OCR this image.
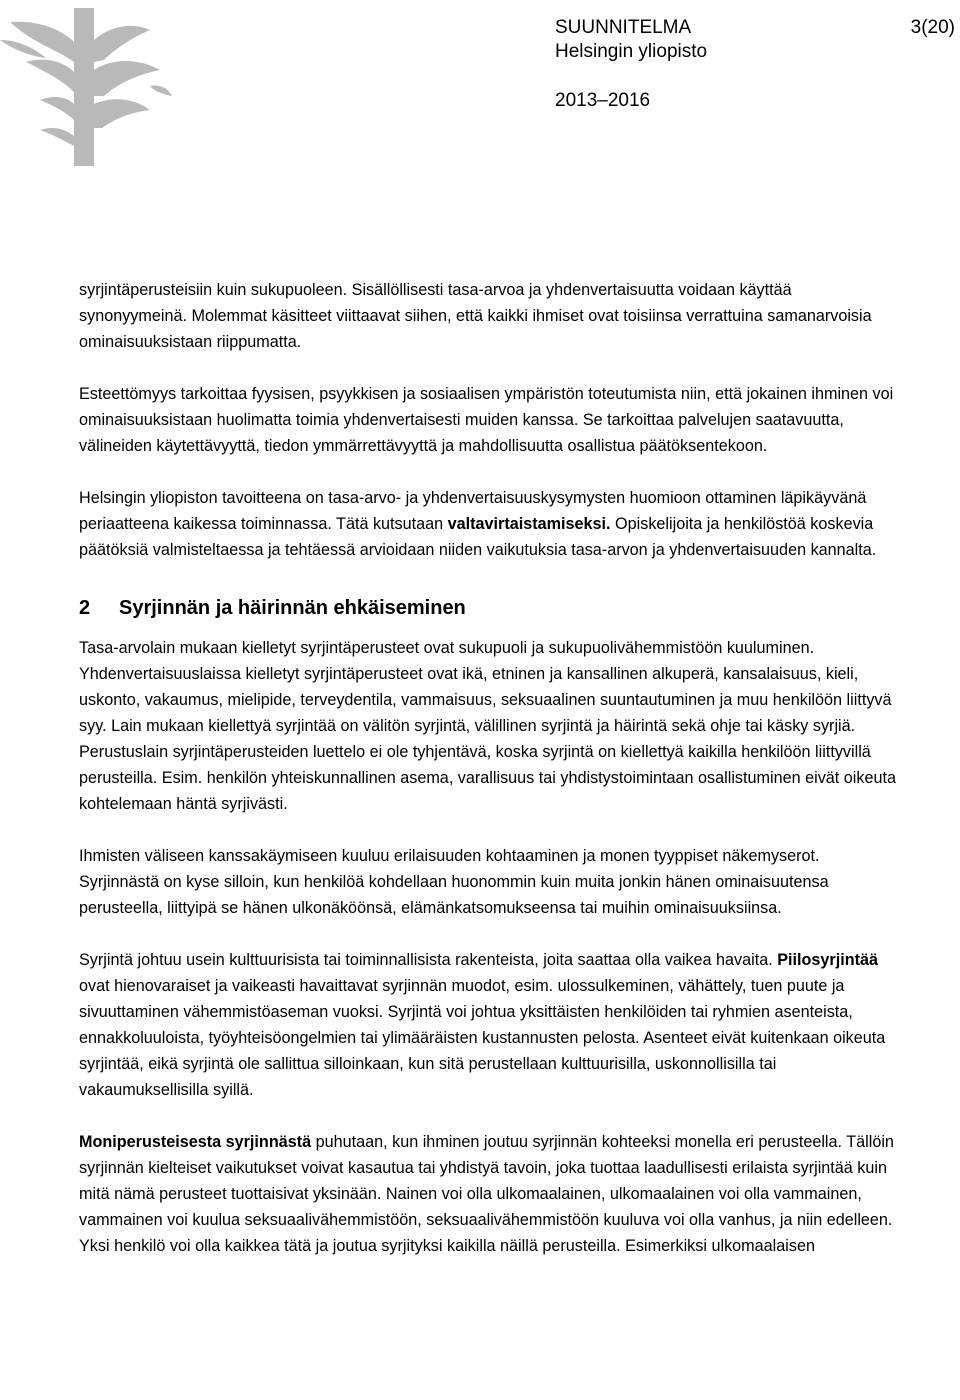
SUUNNITELMA	3(20)
Helsingin yliopisto
2013–2016

syrjintäperusteisiin kuin sukupuoleen. Sisällöllisesti tasa-arvoa ja yhdenvertaisuutta voidaan käyttää synonyymeinä. Molemmat käsitteet viittaavat siihen, että kaikki ihmiset ovat toisiinsa verrattuina samanarvoisia ominaisuuksistaan riippumatta.

Esteettömyys tarkoittaa fyysisen, psyykkisen ja sosiaalisen ympäristön toteutumista niin, että jokainen ihminen voi ominaisuuksistaan huolimatta toimia yhdenvertaisesti muiden kanssa. Se tarkoittaa palvelujen saatavuutta, välineiden käytettävyyttä, tiedon ymmärrettävyyttä ja mahdollisuutta osallistua päätöksentekoon.

Helsingin yliopiston tavoitteena on tasa-arvo- ja yhdenvertaisuuskysymysten huomioon ottaminen läpikäyvänä periaatteena kaikessa toiminnassa. Tätä kutsutaan valtavirtaistamiseksi. Opiskelijoita ja henkilöstöä koskevia päätöksiä valmisteltaessa ja tehtäessä arvioidaan niiden vaikutuksia tasa-arvon ja yhdenvertaisuuden kannalta.

2 Syrjinnän ja häirinnän ehkäiseminen

Tasa-arvolain mukaan kielletyt syrjintäperusteet ovat sukupuoli ja sukupuolivähemmistöön kuuluminen. Yhdenvertaisuuslaissa kielletyt syrjintäperusteet ovat ikä, etninen ja kansallinen alkuperä, kansalaisuus, kieli, uskonto, vakaumus, mielipide, terveydentila, vammaisuus, seksuaalinen suuntautuminen ja muu henkilöön liittyvä syy. Lain mukaan kiellettyä syrjintää on välitön syrjintä, välillinen syrjintä ja häirintä sekä ohje tai käsky syrjiä. Perustuslain syrjintäperusteiden luettelo ei ole tyhjentävä, koska syrjintä on kiellettyä kaikilla henkilöön liittyvillä perusteilla. Esim. henkilön yhteiskunnallinen asema, varallisuus tai yhdistystoimintaan osallistuminen eivät oikeuta kohtelemaan häntä syrjivästi.

Ihmisten väliseen kanssakäymiseen kuuluu erilaisuuden kohtaaminen ja monen tyyppiset näkemyserot. Syrjinnästä on kyse silloin, kun henkilöä kohdellaan huonommin kuin muita jonkin hänen ominaisuutensa perusteella, liittyipä se hänen ulkonäköönsä, elämänkatsomukseensa tai muihin ominaisuuksiinsa.

Syrjintä johtuu usein kulttuurisista tai toiminnallisista rakenteista, joita saattaa olla vaikea havaita. Piilosyrjintää ovat hienovaraiset ja vaikeasti havaittavat syrjinnän muodot, esim. ulossulkeminen, vähättely, tuen puute ja sivuuttaminen vähemmistöaseman vuoksi. Syrjintä voi johtua yksittäisten henkilöiden tai ryhmien asenteista, ennakkoluuloista, työyhteisöongelmien tai ylimääräisten kustannusten pelosta. Asenteet eivät kuitenkaan oikeuta syrjintää, eikä syrjintä ole sallittua silloinkaan, kun sitä perustellaan kulttuurisilla, uskonnollisilla tai vakaumuksellisilla syillä.

Moniperusteisesta syrjinnästä puhutaan, kun ihminen joutuu syrjinnän kohteeksi monella eri perusteella. Tällöin syrjinnän kielteiset vaikutukset voivat kasautua tai yhdistyä tavoin, joka tuottaa laadullisesti erilaista syrjintää kuin mitä nämä perusteet tuottaisivat yksinään. Nainen voi olla ulkomaalainen, ulkomaalainen voi olla vammainen, vammainen voi kuulua seksuaalivähemmistöön, seksuaalivähemmistöön kuuluva voi olla vanhus, ja niin edelleen. Yksi henkilö voi olla kaikkea tätä ja joutua syrjityksi kaikilla näillä perusteilla. Esimerkiksi ulkomaalaisen
